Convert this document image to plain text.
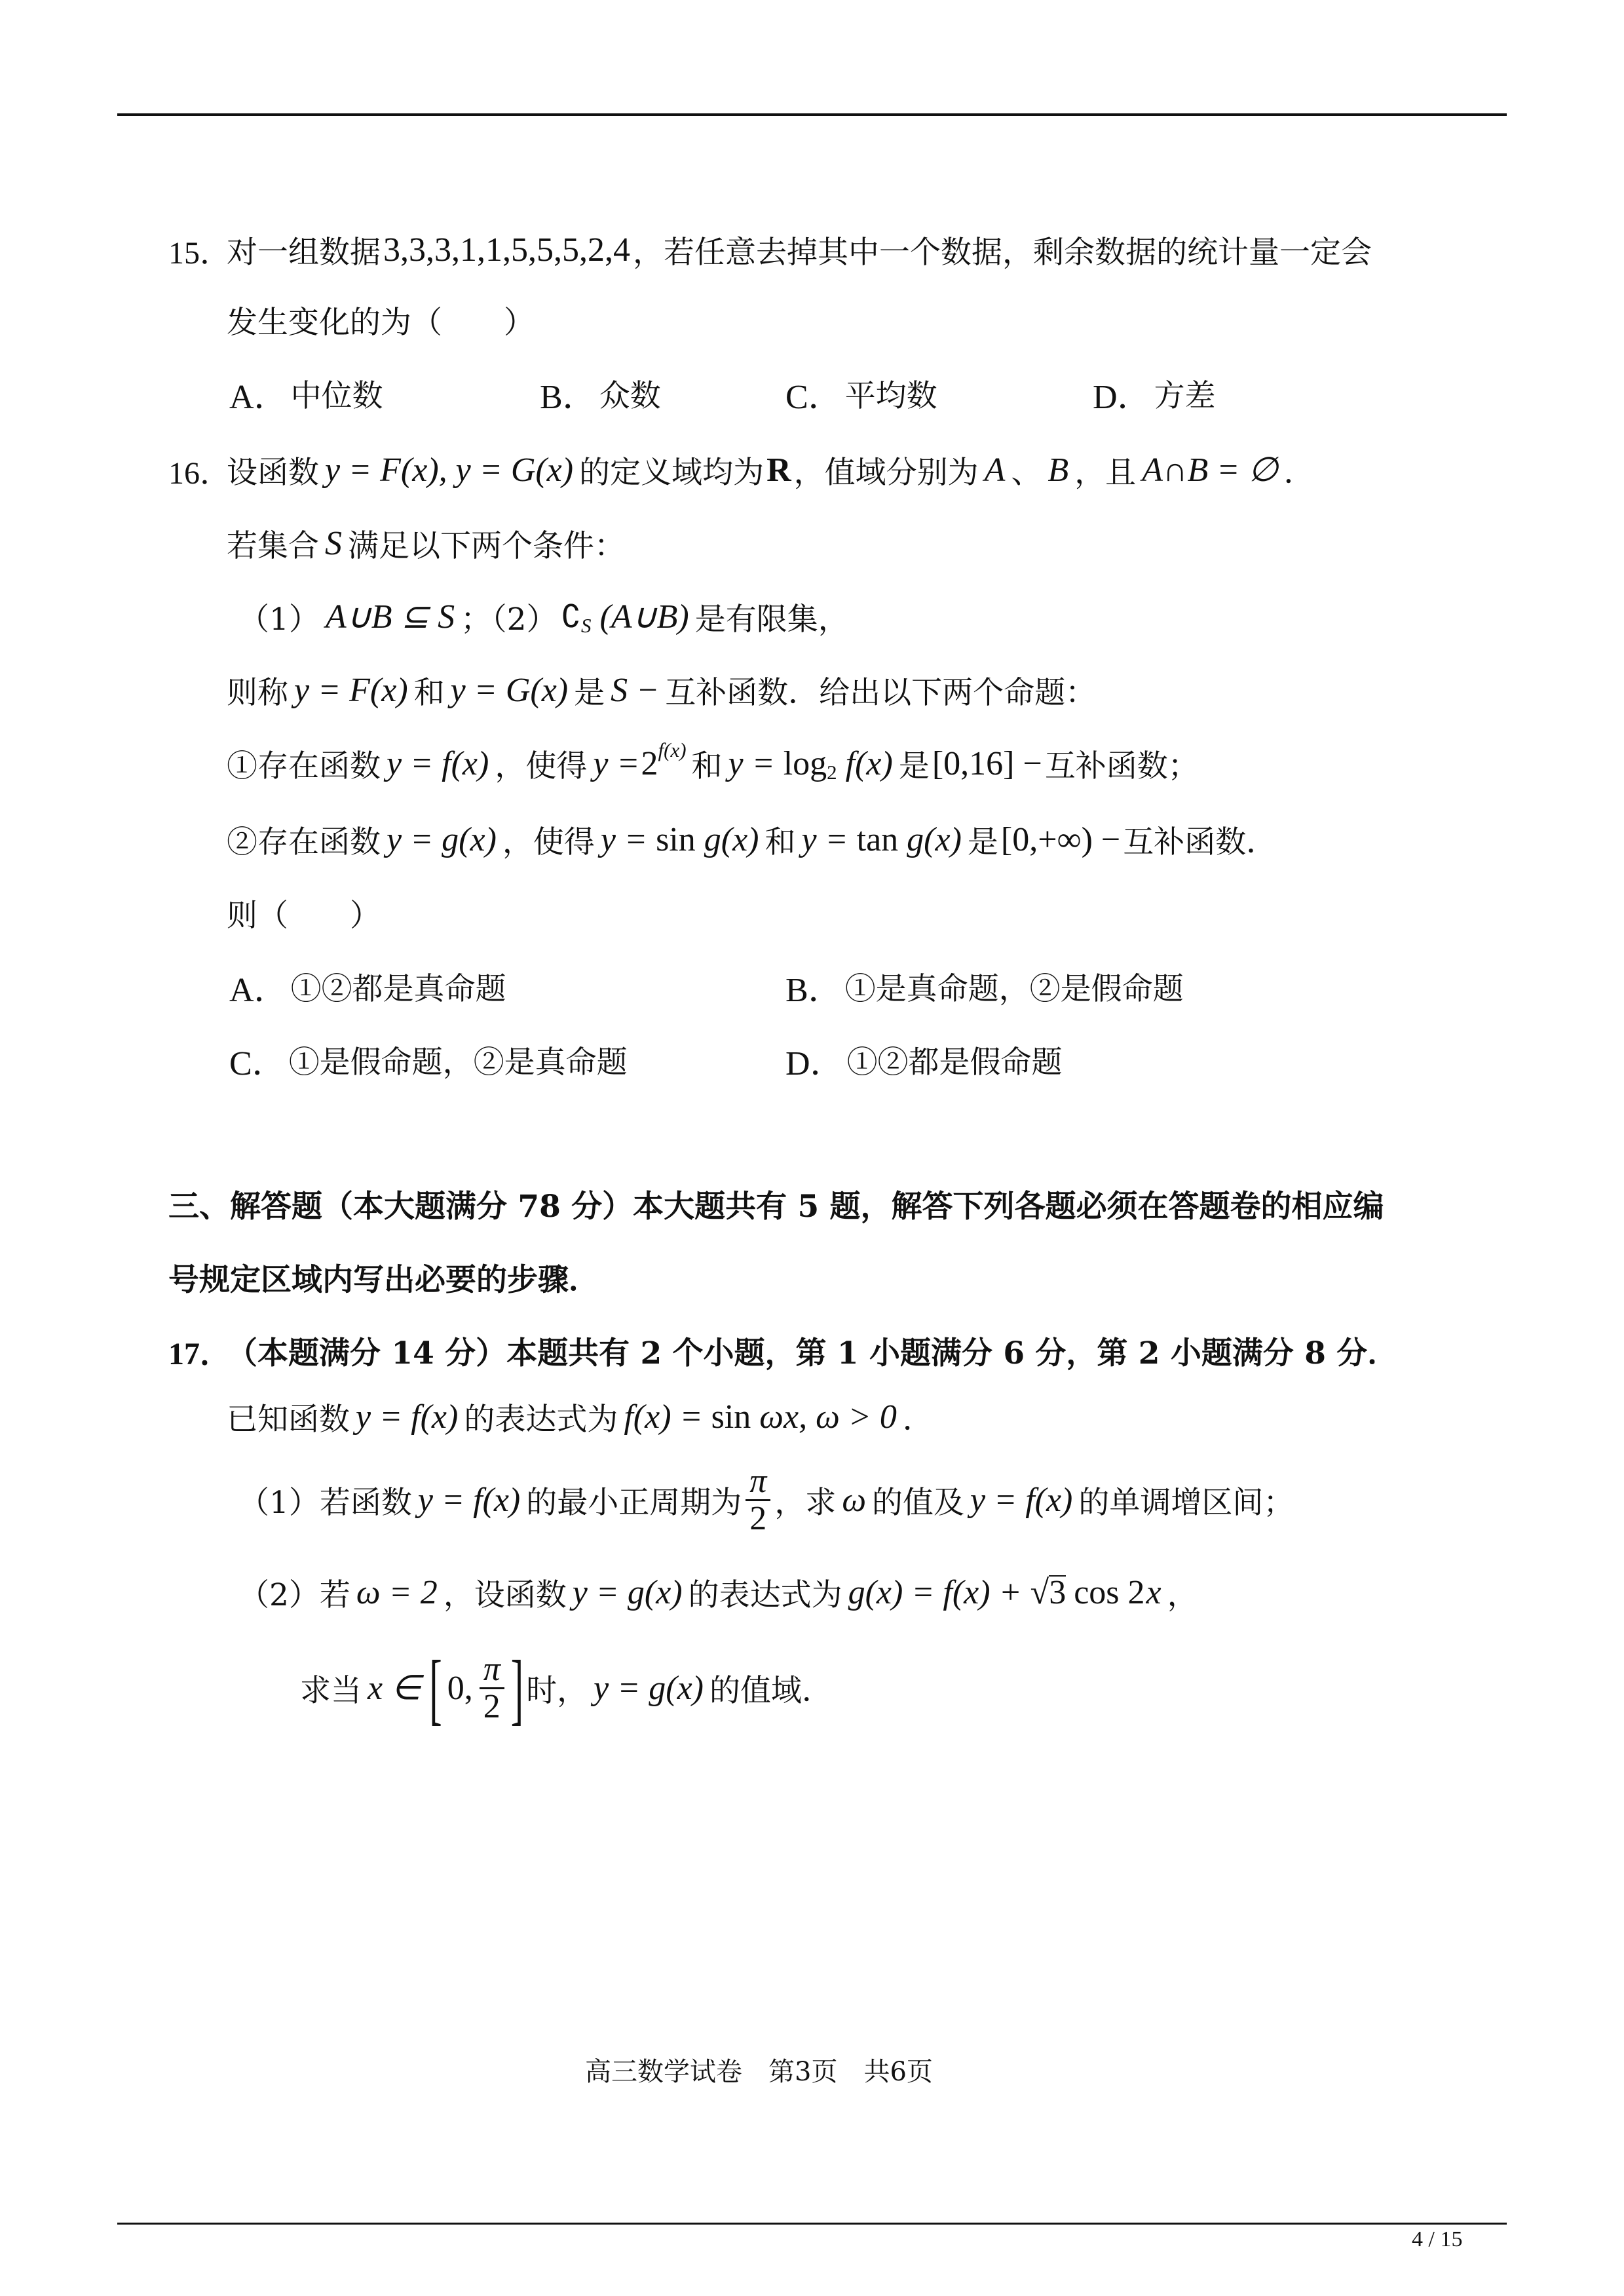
15．
对一组数据 3,3,3,1,1,5,5,5,2,4 ，若任意去掉其中一个数据，剩余数据的统计量一定会
发生变化的为（　　）
A． 中位数	B． 众数	C． 平均数	D． 方差
16．
设函数 y = F(x), y = G(x) 的定义域均为 R ，值域分别为 A 、 B ，且 A∩B = ∅ ．
若集合 S 满足以下两个条件：
（1） A∪B ⊆ S ；（2） ∁ S (A∪B) 是有限集，
则称 y = F(x) 和 y = G(x) 是 S − 互补函数．给出以下两个命题：
①存在函数 y = f(x) ，使得 y = 2 f(x) 和 y = log 2 f(x) 是 [0,16] − 互补函数；
②存在函数 y = g(x) ，使得 y = sin g(x) 和 y = tan g(x) 是 [0,+∞) − 互补函数．
则（　　）
A． ①②都是真命题	B． ①是真命题，②是假命题
C． ①是假命题，②是真命题	D． ①②都是假命题
三、解答题（本大题满分 78 分）本大题共有 5 题，解答下列各题必须在答题卷的相应编
号规定区域内写出必要的步骤．
17．
（本题满分 14 分）本题共有 2 个小题，第 1 小题满分 6 分，第 2 小题满分 8 分．
已知函数 y = f(x) 的表达式为 f(x) = sin ωx, ω > 0 ．
（1）若函数 y = f(x) 的最小正周期为 $\frac{\pi}{2}$ ，求 ω 的值及 y = f(x) 的单调增区间；
（2）若 ω = 2 ，设函数 y = g(x) 的表达式为 g(x) = f(x) + √ 3 cos 2 x ，
求当 x ∈ [ 0, $\frac{\pi}{2}$ ] 时， y = g(x) 的值域．
高三数学试卷 第3页 共6页
4 / 15
